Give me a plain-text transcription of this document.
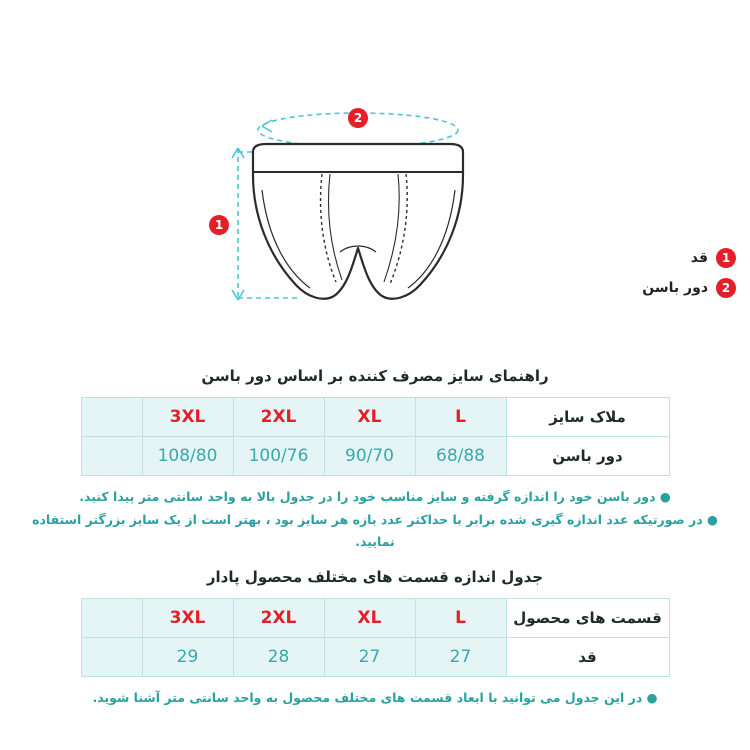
2
1
1
قد
2
دور باسن
راهنمای سایز مصرف کننده بر اساس دور باسن
ملاک سایز	L	XL	2XL	3XL	
دور باسن	68/88	90/70	100/76	108/80	
● دور باسن خود را اندازه گرفته و سایز مناسب خود را در جدول بالا به واحد سانتی متر پیدا کنید.
● در صورتیکه عدد اندازه گیری شده برابر با حداکثر عدد بازه هر سایز بود ، بهتر است از یک سایز بزرگتر استفاده نمایید.
جدول اندازه قسمت های مختلف محصول پادار
قسمت های محصول	L	XL	2XL	3XL	
قد	27	27	28	29	
● در این جدول می توانید با ابعاد قسمت های مختلف محصول به واحد سانتی متر آشنا شوید.
